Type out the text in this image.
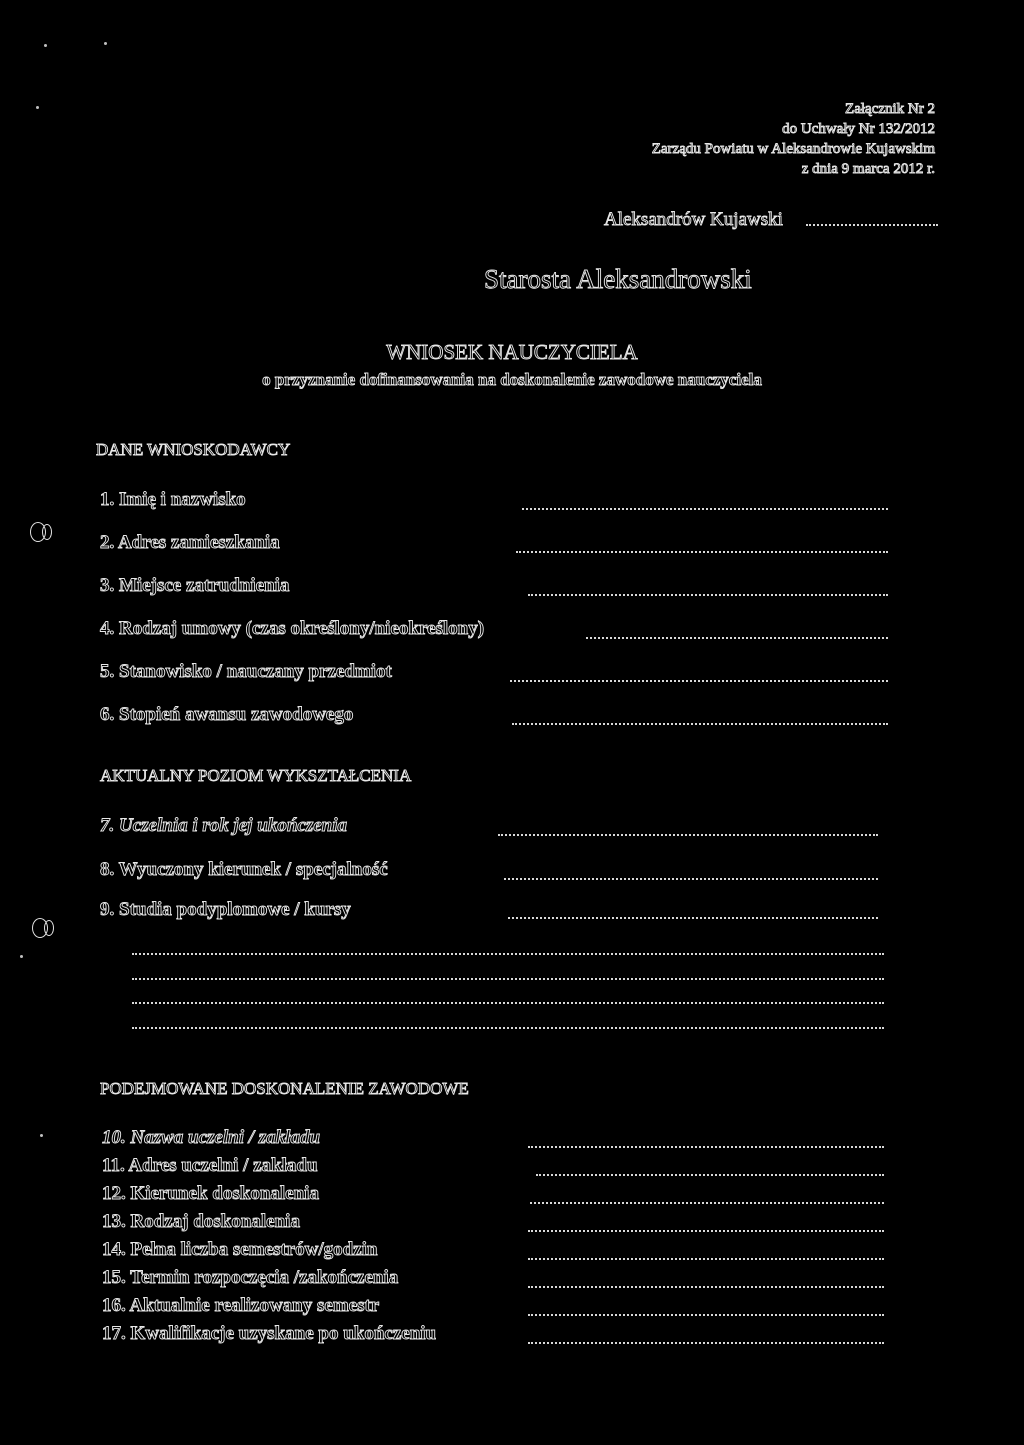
Załącznik Nr 2
do Uchwały Nr 132/2012
Zarządu Powiatu w Aleksandrowie Kujawskim
z dnia 9 marca 2012 r.
Aleksandrów Kujawski
Starosta Aleksandrowski
WNIOSEK NAUCZYCIELA
o przyznanie dofinansowania na doskonalenie zawodowe nauczyciela
DANE WNIOSKODAWCY
1. Imię i nazwisko
2. Adres zamieszkania
3. Miejsce zatrudnienia
4. Rodzaj umowy (czas określony/nieokreślony)
5. Stanowisko / nauczany przedmiot
6. Stopień awansu zawodowego
AKTUALNY POZIOM WYKSZTAŁCENIA
7. Uczelnia i rok jej ukończenia
8. Wyuczony kierunek / specjalność
9. Studia podyplomowe / kursy
PODEJMOWANE DOSKONALENIE ZAWODOWE
10. Nazwa uczelni / zakładu
11. Adres uczelni / zakładu
12. Kierunek doskonalenia
13. Rodzaj doskonalenia
14. Pełna liczba semestrów/godzin
15. Termin rozpoczęcia /zakończenia
16. Aktualnie realizowany semestr
17. Kwalifikacje uzyskane po ukończeniu
